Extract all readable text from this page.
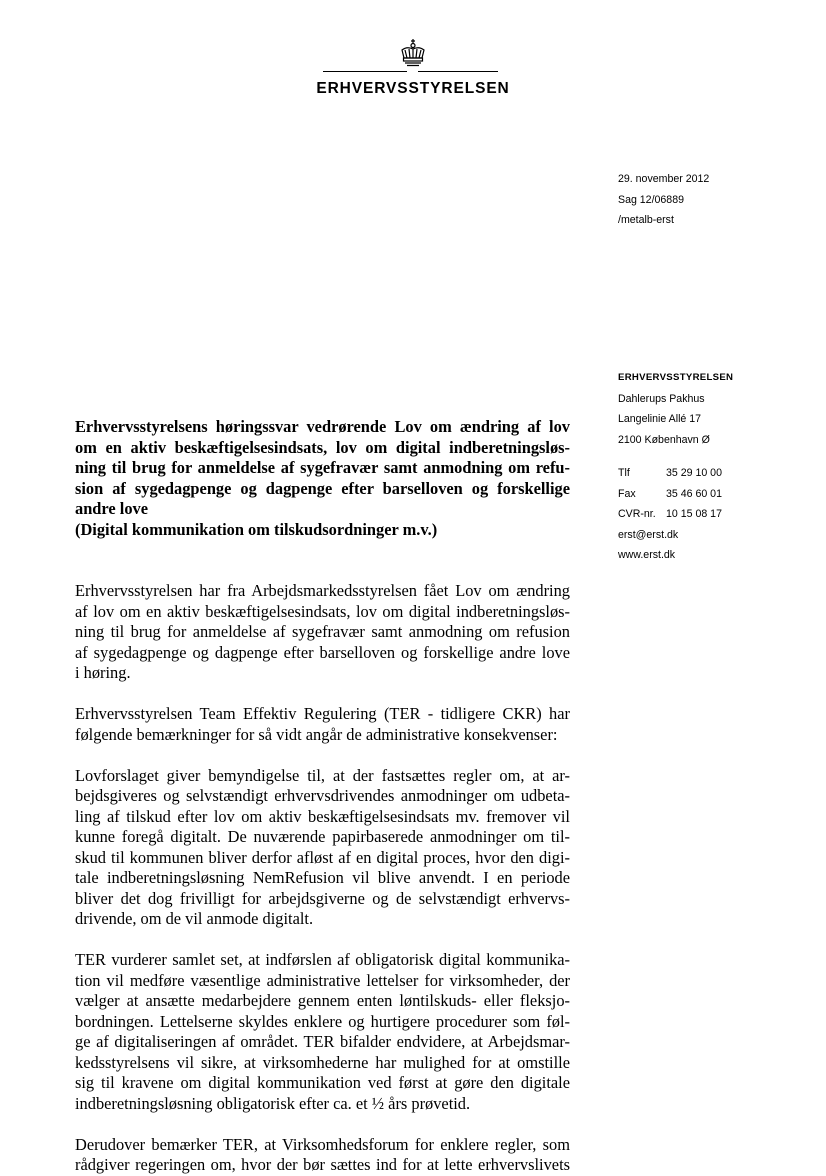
ERHVERVSSTYRELSEN
29. november 2012
Sag 12/06889
/metalb-erst
ERHVERVSSTYRELSEN
Dahlerups Pakhus
Langelinie Allé 17
2100 København Ø
Tlf	35 29 10 00
Fax	35 46 60 01
CVR-nr. 10 15 08 17
erst@erst.dk
www.erst.dk
Erhvervsstyrelsens høringssvar vedrørende Lov om ændring af lov
om en aktiv beskæftigelsesindsats, lov om digital indberetningsløs-
ning til brug for anmeldelse af sygefravær samt anmodning om refu-
sion af sygedagpenge og dagpenge efter barselloven og forskellige
andre love
(Digital kommunikation om tilskudsordninger m.v.)
Erhvervsstyrelsen har fra Arbejdsmarkedsstyrelsen fået Lov om ændring
af lov om en aktiv beskæftigelsesindsats, lov om digital indberetningsløs-
ning til brug for anmeldelse af sygefravær samt anmodning om refusion
af sygedagpenge og dagpenge efter barselloven og forskellige andre love
i høring.
Erhvervsstyrelsen Team Effektiv Regulering (TER - tidligere CKR) har
følgende bemærkninger for så vidt angår de administrative konsekvenser:
Lovforslaget giver bemyndigelse til, at der fastsættes regler om, at ar-
bejdsgiveres og selvstændigt erhvervsdrivendes anmodninger om udbeta-
ling af tilskud efter lov om aktiv beskæftigelsesindsats mv. fremover vil
kunne foregå digitalt. De nuværende papirbaserede anmodninger om til-
skud til kommunen bliver derfor afløst af en digital proces, hvor den digi-
tale indberetningsløsning NemRefusion vil blive anvendt. I en periode
bliver det dog frivilligt for arbejdsgiverne og de selvstændigt erhvervs-
drivende, om de vil anmode digitalt.
TER vurderer samlet set, at indførslen af obligatorisk digital kommunika-
tion vil medføre væsentlige administrative lettelser for virksomheder, der
vælger at ansætte medarbejdere gennem enten løntilskuds- eller fleksjo-
bordningen. Lettelserne skyldes enklere og hurtigere procedurer som føl-
ge af digitaliseringen af området. TER bifalder endvidere, at Arbejdsmar-
kedsstyrelsens vil sikre, at virksomhederne har mulighed for at omstille
sig til kravene om digital kommunikation ved først at gøre den digitale
indberetningsløsning obligatorisk efter ca. et ½ års prøvetid.
Derudover bemærker TER, at Virksomhedsforum for enklere regler, som
rådgiver regeringen om, hvor der bør sættes ind for at lette erhvervslivets
